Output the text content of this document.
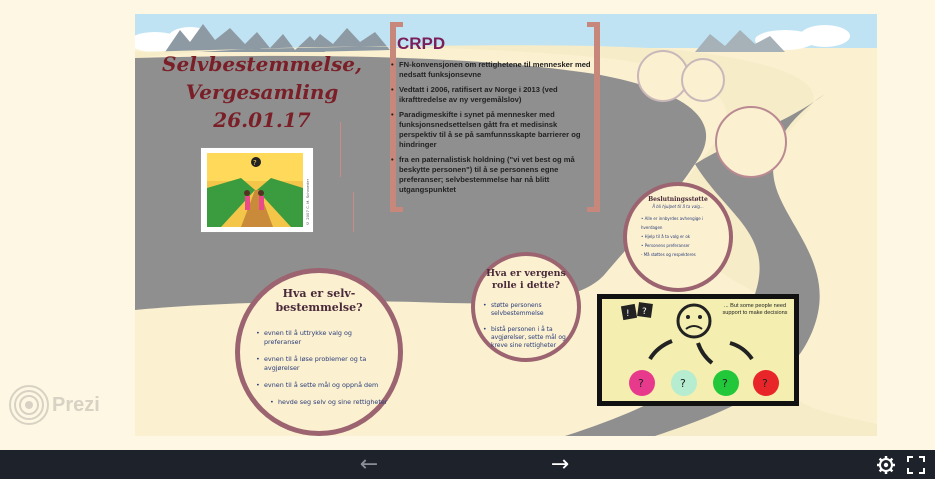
Selvbestemmelse,
Vergesamling 26.01.17
?
© 2007 C. M. Schroeder
CRPD
• FN-konvensjonen om rettighetene til mennesker med nedsatt funksjonsevne
• Vedtatt i 2006, ratifisert av Norge i 2013 (ved ikrafttredelse av ny vergemålslov)
• Paradigmeskifte i synet på mennesker med funksjonsnedsettelsen gått fra et medisinsk perspektiv til å se på samfunnsskapte barrierer og hindringer
• fra en paternalistisk holdning ("vi vet best og må beskytte personen") til å se personens egne preferanser; selvbestemmelse har nå blitt utgangspunktet
Beslutningsstøtte
Å bli hjulpet til å ta valg...
• Alle er innbyrdes avhengige i hverdagen
• Hjelp til å ta valg er ok
• Personens preferanser
- Må støttes og respekteres
Hva er selv-bestemmelse?
• evnen til å uttrykke valg og preferanser
• evnen til å løse problemer og ta avgjørelser
• evnen til å sette mål og oppnå dem
• hevde seg selv og sine rettigheter
Hva er vergens rolle i dette?
• støtte personens selvbestemmelse
• bistå personen i å ta avgjørelser, sette mål og kreve sine rettigheter
! ?
?	?	?	?
... But some people need support to make decisions
Prezi
←	→
